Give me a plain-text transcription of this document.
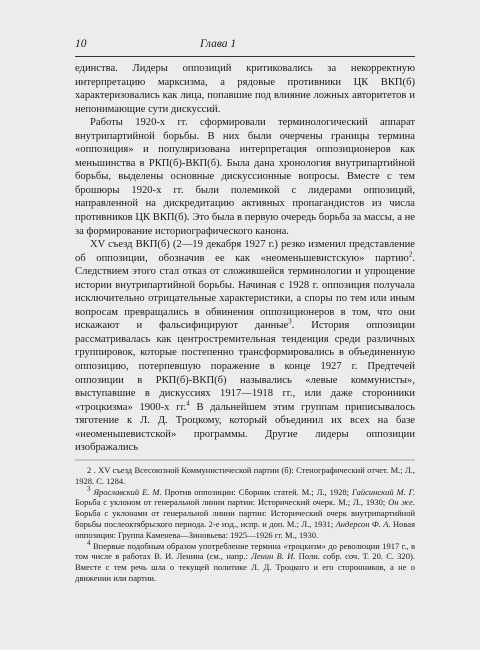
10	Глава 1

единства. Лидеры оппозиций критиковались за некорректную интерпретацию марксизма, а рядовые противники ЦК ВКП(б) характеризовались как лица, попавшие под влияние ложных авторитетов и непонимающие сути дискуссий.

Работы 1920-х гг. сформировали терминологический аппарат внутрипартийной борьбы. В них были очерчены границы термина «оппозиция» и популяризована интерпретация оппозиционеров как меньшинства в РКП(б)-ВКП(б). Была дана хронология внутрипартийной борьбы, выделены основные дискуссионные вопросы. Вместе с тем брошюры 1920-х гг. были полемикой с лидерами оппозиций, направленной на дискредитацию активных пропагандистов из числа противников ЦК ВКП(б). Это была в первую очередь борьба за массы, а не за формирование историографического канона.

XV съезд ВКП(б) (2—19 декабря 1927 г.) резко изменил представление об оппозиции, обозначив ее как «неоменьшевистскую» партию$^2$. Следствием этого стал отказ от сложившейся терминологии и упрощение истории внутрипартийной борьбы. Начиная с 1928 г. оппозиция получала исключительно отрицательные характеристики, а споры по тем или иным вопросам превращались в обвинения оппозиционеров в том, что они искажают и фальсифицируют данные$^3$. История оппозиции рассматривалась как центростремительная тенденция среди различных группировок, которые постепенно трансформировались в объединенную оппозицию, потерпевшую поражение в конце 1927 г. Предтечей оппозиции в РКП(б)-ВКП(б) назывались «левые коммунисты», выступавшие в дискуссиях 1917—1918 гг., или даже сторонники «троцкизма» 1900-х гг.$^4$ В дальнейшем этим группам приписывалось тяготение к Л. Д. Троцкому, который объединил их всех на базе «неоменьшевистской» программы. Другие лидеры оппозиции изображались

2 . XV съезд Всесоюзной Коммунистической партии (б): Стенографический отчет. М.; Л., 1928. С. 1284.

$^3$ Ярославский Е. М. Против оппозиции: Сборник статей. М.; Л., 1928; Гайсинский М. Г. Борьба с уклоном от генеральной линии партии: Исторический очерк. М.; Л., 1930; Он же. Борьба с уклонами от генеральной линии партии: Исторический очерк внутрипартийной борьбы послеоктябрьского периода. 2-е изд., испр. и доп. М.; Л., 1931; Андерсон Ф. А. Новая оппозиция: Группа Каменева—Зиновьева: 1925—1926 гг. М., 1930.

$^4$ Впервые подобным образом употребление термина «троцкизм» до революции 1917 г., в том числе в работах В. И. Ленина (см., напр.: Ленин В. И. Полн. собр. соч. Т. 20. С. 320). Вместе с тем речь шла о текущей политике Л. Д. Троцкого и его сторонников, а не о движении или партии.
